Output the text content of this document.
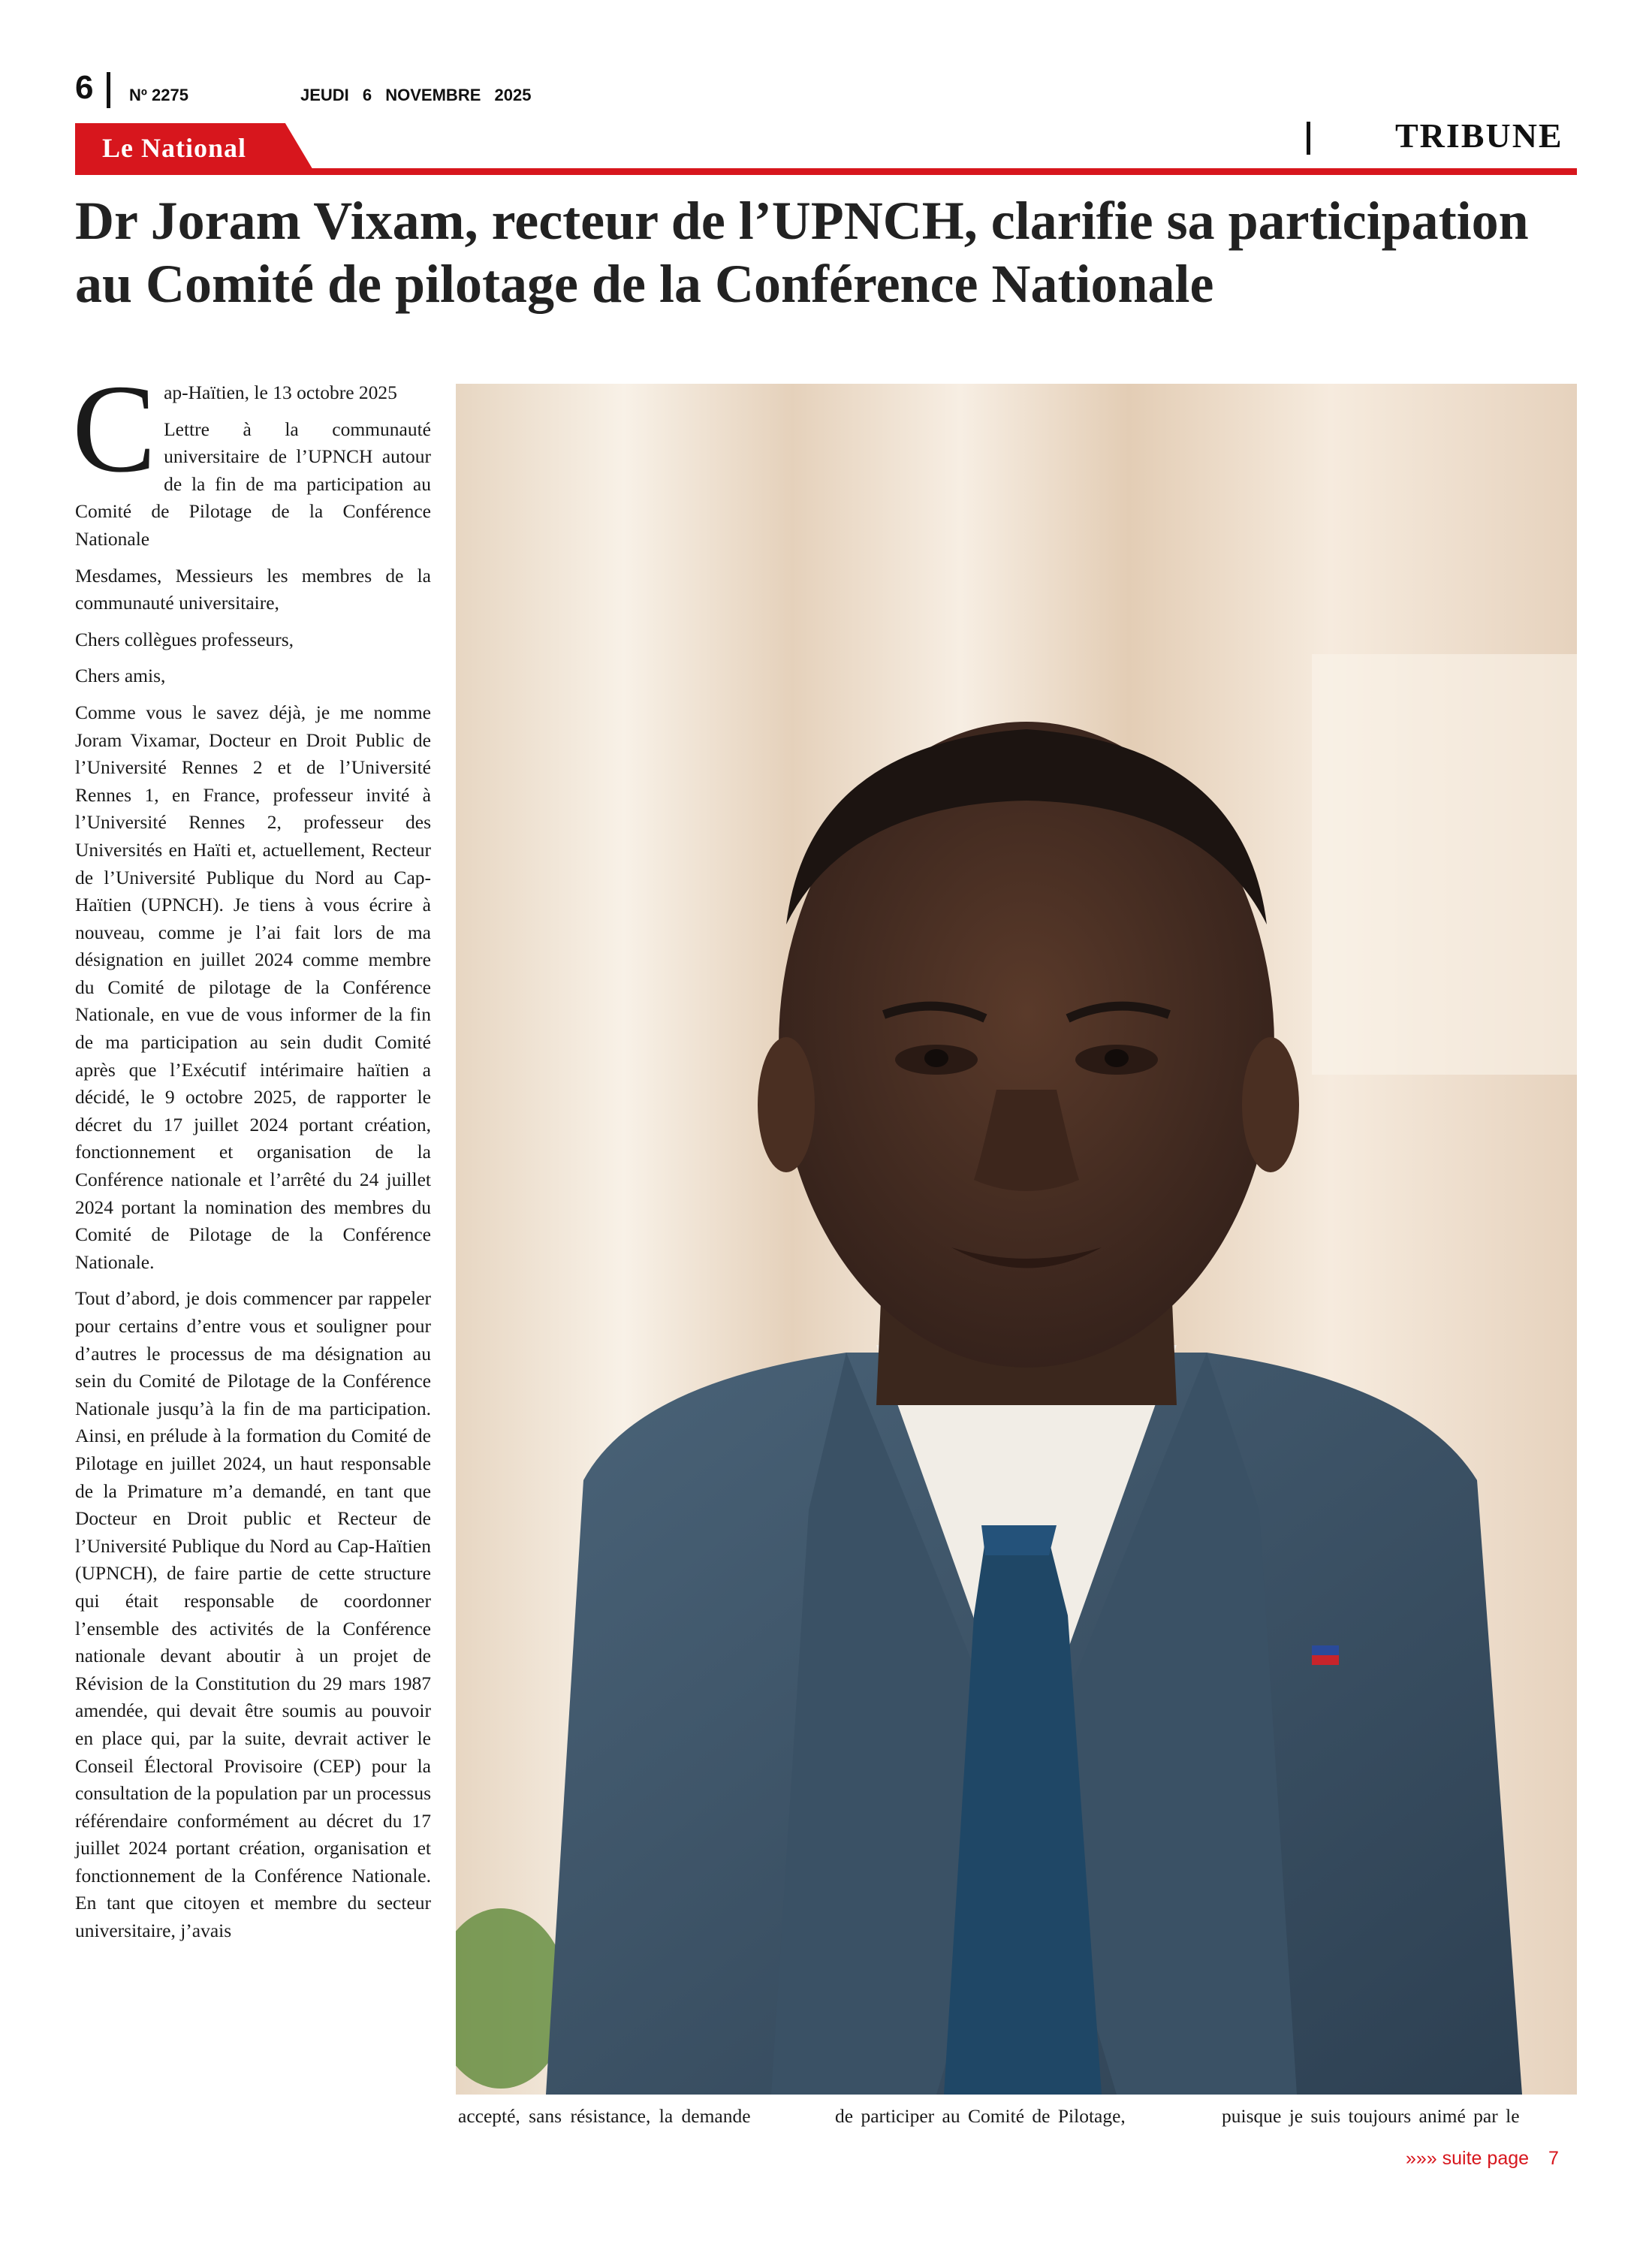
6 Nº 2275	JEUDI 6 NOVEMBRE 2025
Le National	TRIBUNE
Dr Joram Vixam, recteur de l’UPNCH, clarifie sa participation au Comité de pilotage de la Conférence Nationale

C ap-Haïtien, le 13 octobre 2025

Lettre à la communauté universitaire de l’UPNCH autour de la fin de ma participation au Comité de Pilotage de la Conférence Nationale

Mesdames, Messieurs les membres de la communauté universitaire,

Chers collègues professeurs,

Chers amis,

Comme vous le savez déjà, je me nomme Joram Vixamar, Docteur en Droit Public de l’Université Rennes 2 et de l’Université Rennes 1, en France, professeur invité à l’Université Rennes 2, professeur des Universités en Haïti et, actuellement, Recteur de l’Université Publique du Nord au Cap-Haïtien (UPNCH). Je tiens à vous écrire à nouveau, comme je l’ai fait lors de ma désignation en juillet 2024 comme membre du Comité de pilotage de la Conférence Nationale, en vue de vous informer de la fin de ma participation au sein dudit Comité après que l’Exécutif intérimaire haïtien a décidé, le 9 octobre 2025, de rapporter le décret du 17 juillet 2024 portant création, fonctionnement et organisation de la Conférence nationale et l’arrêté du 24 juillet 2024 portant la nomination des membres du Comité de Pilotage de la Conférence Nationale.

Tout d’abord, je dois commencer par rappeler pour certains d’entre vous et souligner pour d’autres le processus de ma désignation au sein du Comité de Pilotage de la Conférence Nationale jusqu’à la fin de ma participation. Ainsi, en prélude à la formation du Comité de Pilotage en juillet 2024, un haut responsable de la Primature m’a demandé, en tant que Docteur en Droit public et Recteur de l’Université Publique du Nord au Cap-Haïtien (UPNCH), de faire partie de cette structure qui était responsable de coordonner l’ensemble des activités de la Conférence nationale devant aboutir à un projet de Révision de la Constitution du 29 mars 1987 amendée, qui devait être soumis au pouvoir en place qui, par la suite, devrait activer le Conseil Électoral Provisoire (CEP) pour la consultation de la population par un processus référendaire conformément au décret du 17 juillet 2024 portant création, organisation et fonctionnement de la Conférence Nationale. En tant que citoyen et membre du secteur universitaire, j’avais

accepté, sans résistance, la demande	de participer au Comité de Pilotage,	puisque je suis toujours animé par le
»»» suite page 7
